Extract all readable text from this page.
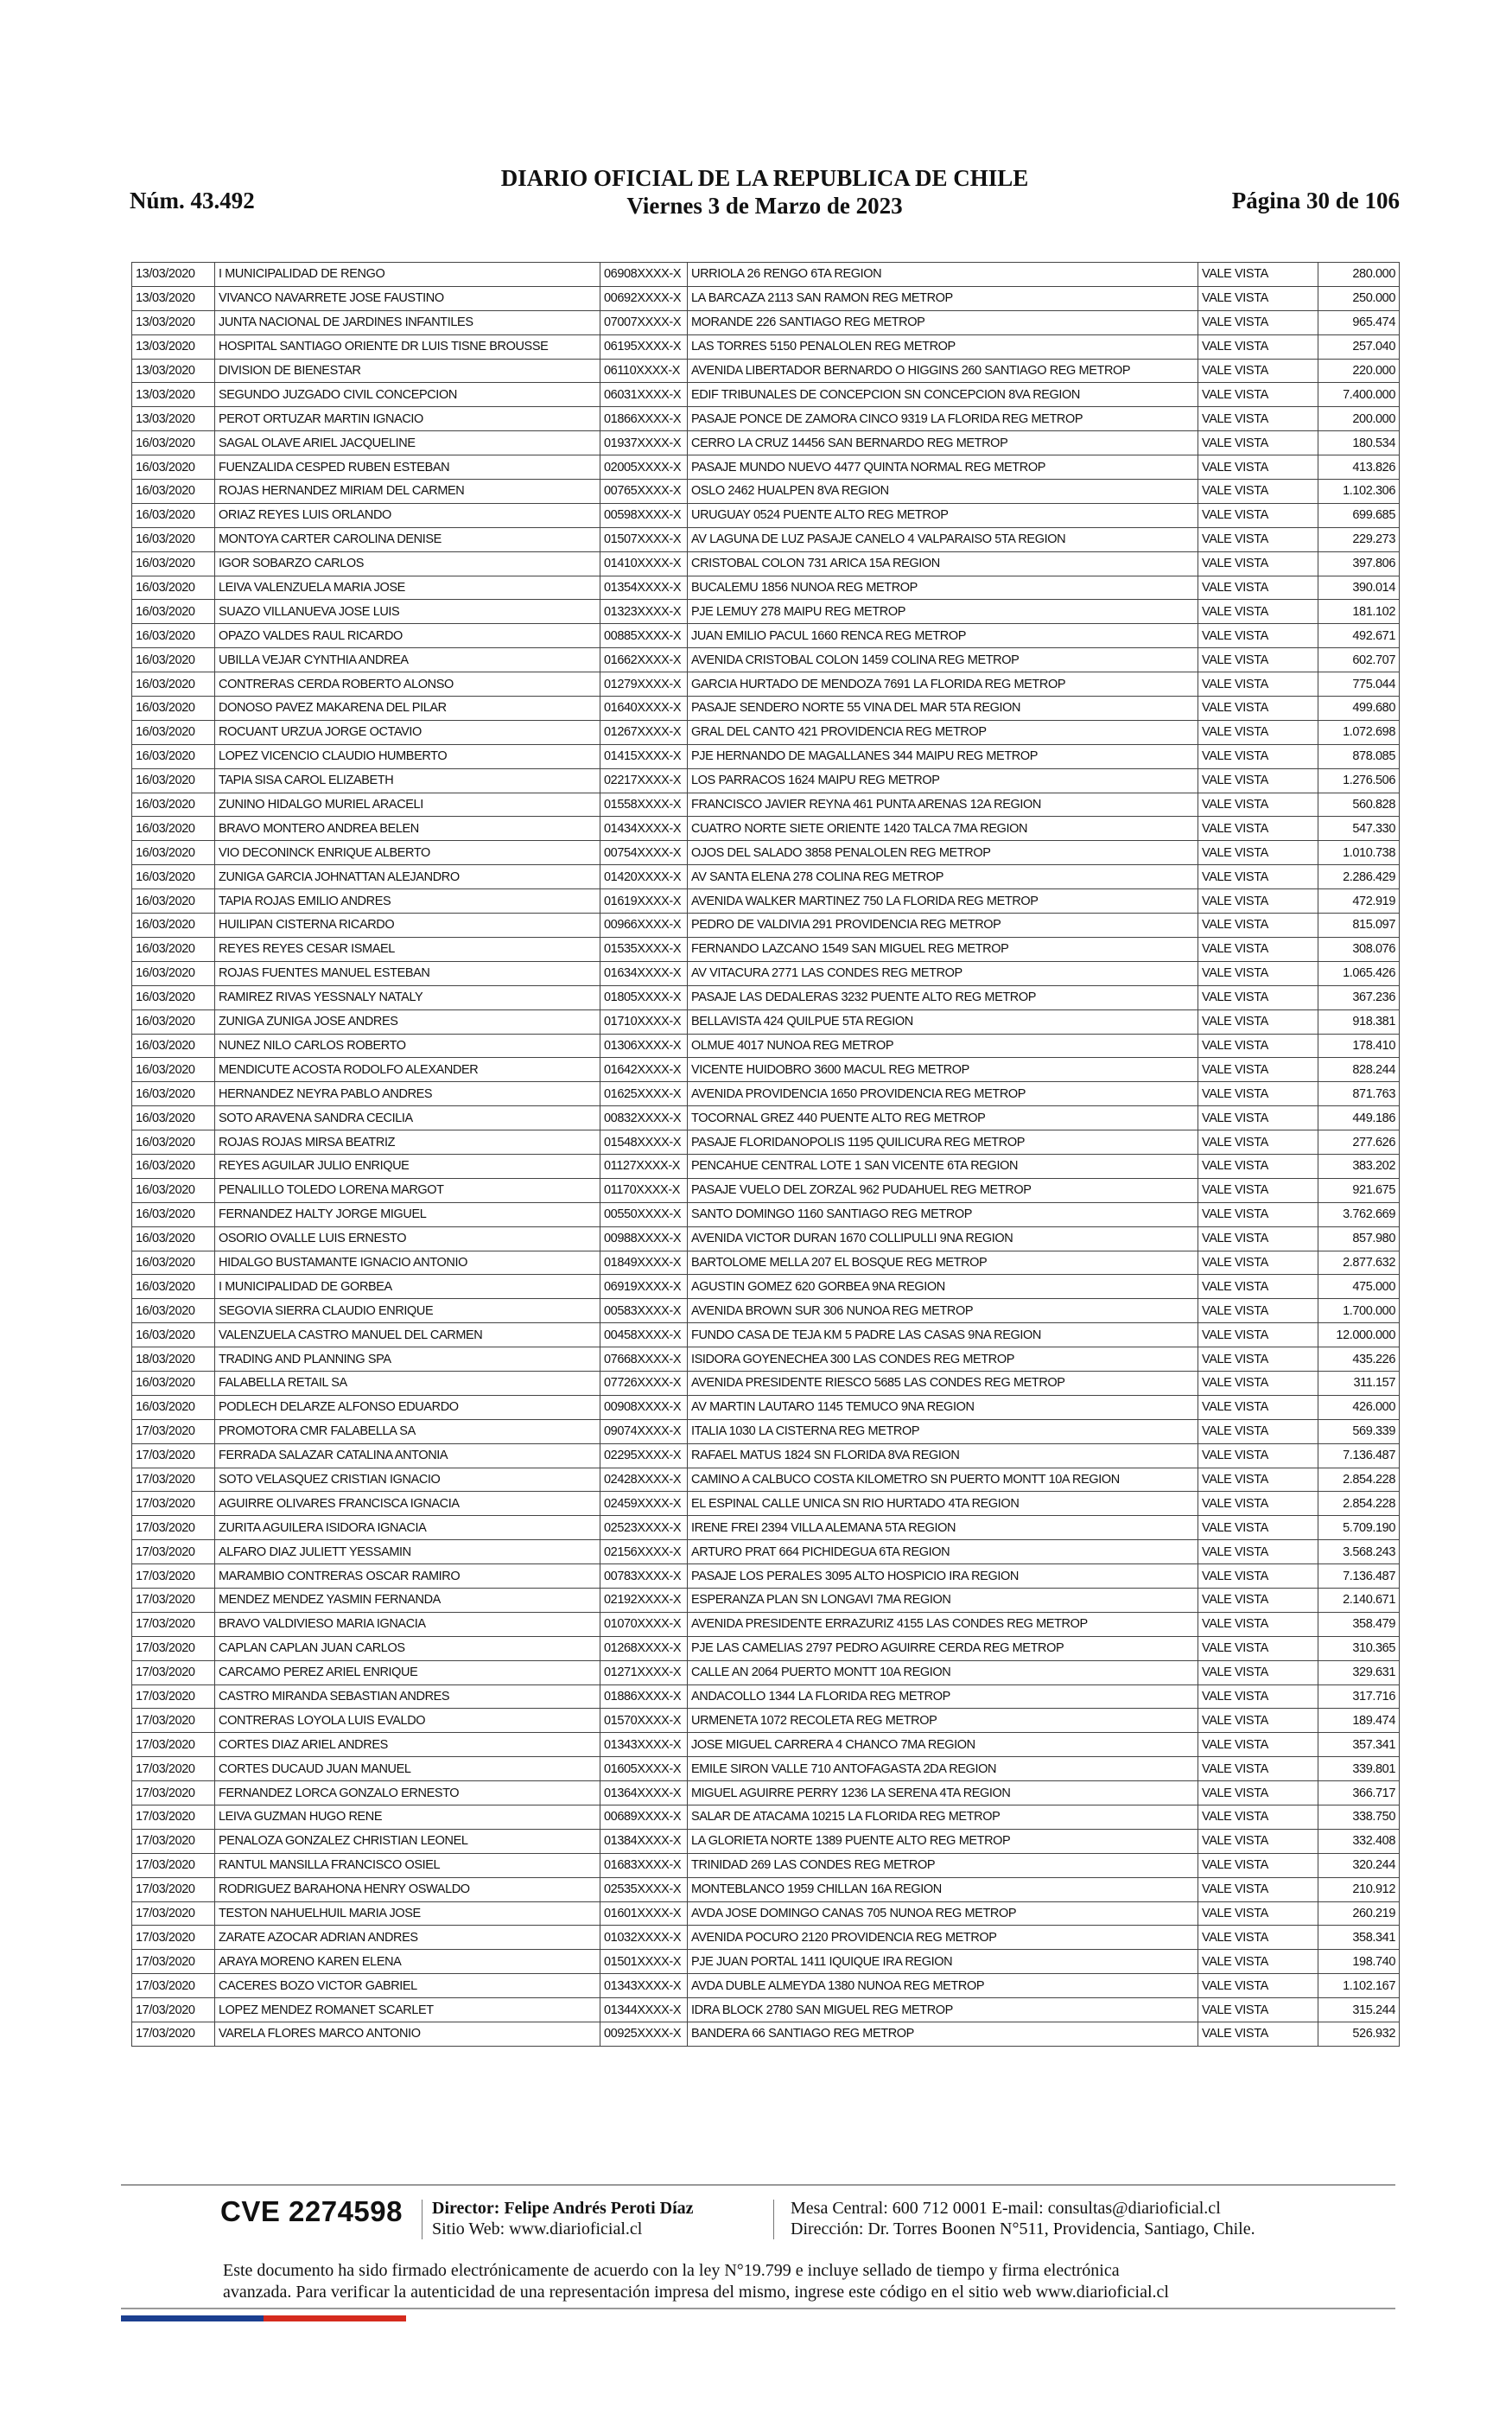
Núm. 43.492
DIARIO OFICIAL DE LA REPUBLICA DE CHILE
Viernes 3 de Marzo de 2023	Página 30 de 106
13/03/2020	I MUNICIPALIDAD DE RENGO	06908XXXX-X	URRIOLA 26 RENGO 6TA REGION	VALE VISTA	280.000
13/03/2020	VIVANCO NAVARRETE JOSE FAUSTINO	00692XXXX-X	LA BARCAZA 2113 SAN RAMON REG METROP	VALE VISTA	250.000
13/03/2020	JUNTA NACIONAL DE JARDINES INFANTILES	07007XXXX-X	MORANDE 226 SANTIAGO REG METROP	VALE VISTA	965.474
13/03/2020	HOSPITAL SANTIAGO ORIENTE DR LUIS TISNE BROUSSE	06195XXXX-X	LAS TORRES 5150 PENALOLEN REG METROP	VALE VISTA	257.040
13/03/2020	DIVISION DE BIENESTAR	06110XXXX-X	AVENIDA LIBERTADOR BERNARDO O HIGGINS 260 SANTIAGO REG METROP	VALE VISTA	220.000
13/03/2020	SEGUNDO JUZGADO CIVIL CONCEPCION	06031XXXX-X	EDIF TRIBUNALES DE CONCEPCION SN CONCEPCION 8VA REGION	VALE VISTA	7.400.000
13/03/2020	PEROT ORTUZAR MARTIN IGNACIO	01866XXXX-X	PASAJE PONCE DE ZAMORA CINCO 9319 LA FLORIDA REG METROP	VALE VISTA	200.000
16/03/2020	SAGAL OLAVE ARIEL JACQUELINE	01937XXXX-X	CERRO LA CRUZ 14456 SAN BERNARDO REG METROP	VALE VISTA	180.534
16/03/2020	FUENZALIDA CESPED RUBEN ESTEBAN	02005XXXX-X	PASAJE MUNDO NUEVO 4477 QUINTA NORMAL REG METROP	VALE VISTA	413.826
16/03/2020	ROJAS HERNANDEZ MIRIAM DEL CARMEN	00765XXXX-X	OSLO 2462 HUALPEN 8VA REGION	VALE VISTA	1.102.306
16/03/2020	ORIAZ REYES LUIS ORLANDO	00598XXXX-X	URUGUAY 0524 PUENTE ALTO REG METROP	VALE VISTA	699.685
16/03/2020	MONTOYA CARTER CAROLINA DENISE	01507XXXX-X	AV LAGUNA DE LUZ PASAJE CANELO 4 VALPARAISO 5TA REGION	VALE VISTA	229.273
16/03/2020	IGOR SOBARZO CARLOS	01410XXXX-X	CRISTOBAL COLON 731 ARICA 15A REGION	VALE VISTA	397.806
16/03/2020	LEIVA VALENZUELA MARIA JOSE	01354XXXX-X	BUCALEMU 1856 NUNOA REG METROP	VALE VISTA	390.014
16/03/2020	SUAZO VILLANUEVA JOSE LUIS	01323XXXX-X	PJE LEMUY 278 MAIPU REG METROP	VALE VISTA	181.102
16/03/2020	OPAZO VALDES RAUL RICARDO	00885XXXX-X	JUAN EMILIO PACUL 1660 RENCA REG METROP	VALE VISTA	492.671
16/03/2020	UBILLA VEJAR CYNTHIA ANDREA	01662XXXX-X	AVENIDA CRISTOBAL COLON 1459 COLINA REG METROP	VALE VISTA	602.707
16/03/2020	CONTRERAS CERDA ROBERTO ALONSO	01279XXXX-X	GARCIA HURTADO DE MENDOZA 7691 LA FLORIDA REG METROP	VALE VISTA	775.044
16/03/2020	DONOSO PAVEZ MAKARENA DEL PILAR	01640XXXX-X	PASAJE SENDERO NORTE 55 VINA DEL MAR 5TA REGION	VALE VISTA	499.680
16/03/2020	ROCUANT URZUA JORGE OCTAVIO	01267XXXX-X	GRAL DEL CANTO 421 PROVIDENCIA REG METROP	VALE VISTA	1.072.698
16/03/2020	LOPEZ VICENCIO CLAUDIO HUMBERTO	01415XXXX-X	PJE HERNANDO DE MAGALLANES 344 MAIPU REG METROP	VALE VISTA	878.085
16/03/2020	TAPIA SISA CAROL ELIZABETH	02217XXXX-X	LOS PARRACOS 1624 MAIPU REG METROP	VALE VISTA	1.276.506
16/03/2020	ZUNINO HIDALGO MURIEL ARACELI	01558XXXX-X	FRANCISCO JAVIER REYNA 461 PUNTA ARENAS 12A REGION	VALE VISTA	560.828
16/03/2020	BRAVO MONTERO ANDREA BELEN	01434XXXX-X	CUATRO NORTE SIETE ORIENTE 1420 TALCA 7MA REGION	VALE VISTA	547.330
16/03/2020	VIO DECONINCK ENRIQUE ALBERTO	00754XXXX-X	OJOS DEL SALADO 3858 PENALOLEN REG METROP	VALE VISTA	1.010.738
16/03/2020	ZUNIGA GARCIA JOHNATTAN ALEJANDRO	01420XXXX-X	AV SANTA ELENA 278 COLINA REG METROP	VALE VISTA	2.286.429
16/03/2020	TAPIA ROJAS EMILIO ANDRES	01619XXXX-X	AVENIDA WALKER MARTINEZ 750 LA FLORIDA REG METROP	VALE VISTA	472.919
16/03/2020	HUILIPAN CISTERNA RICARDO	00966XXXX-X	PEDRO DE VALDIVIA 291 PROVIDENCIA REG METROP	VALE VISTA	815.097
16/03/2020	REYES REYES CESAR ISMAEL	01535XXXX-X	FERNANDO LAZCANO 1549 SAN MIGUEL REG METROP	VALE VISTA	308.076
16/03/2020	ROJAS FUENTES MANUEL ESTEBAN	01634XXXX-X	AV VITACURA 2771 LAS CONDES REG METROP	VALE VISTA	1.065.426
16/03/2020	RAMIREZ RIVAS YESSNALY NATALY	01805XXXX-X	PASAJE LAS DEDALERAS 3232 PUENTE ALTO REG METROP	VALE VISTA	367.236
16/03/2020	ZUNIGA ZUNIGA JOSE ANDRES	01710XXXX-X	BELLAVISTA 424 QUILPUE 5TA REGION	VALE VISTA	918.381
16/03/2020	NUNEZ NILO CARLOS ROBERTO	01306XXXX-X	OLMUE 4017 NUNOA REG METROP	VALE VISTA	178.410
16/03/2020	MENDICUTE ACOSTA RODOLFO ALEXANDER	01642XXXX-X	VICENTE HUIDOBRO 3600 MACUL REG METROP	VALE VISTA	828.244
16/03/2020	HERNANDEZ NEYRA PABLO ANDRES	01625XXXX-X	AVENIDA PROVIDENCIA 1650 PROVIDENCIA REG METROP	VALE VISTA	871.763
16/03/2020	SOTO ARAVENA SANDRA CECILIA	00832XXXX-X	TOCORNAL GREZ 440 PUENTE ALTO REG METROP	VALE VISTA	449.186
16/03/2020	ROJAS ROJAS MIRSA BEATRIZ	01548XXXX-X	PASAJE FLORIDANOPOLIS 1195 QUILICURA REG METROP	VALE VISTA	277.626
16/03/2020	REYES AGUILAR JULIO ENRIQUE	01127XXXX-X	PENCAHUE CENTRAL LOTE 1 SAN VICENTE 6TA REGION	VALE VISTA	383.202
16/03/2020	PENALILLO TOLEDO LORENA MARGOT	01170XXXX-X	PASAJE VUELO DEL ZORZAL 962 PUDAHUEL REG METROP	VALE VISTA	921.675
16/03/2020	FERNANDEZ HALTY JORGE MIGUEL	00550XXXX-X	SANTO DOMINGO 1160 SANTIAGO REG METROP	VALE VISTA	3.762.669
16/03/2020	OSORIO OVALLE LUIS ERNESTO	00988XXXX-X	AVENIDA VICTOR DURAN 1670 COLLIPULLI 9NA REGION	VALE VISTA	857.980
16/03/2020	HIDALGO BUSTAMANTE IGNACIO ANTONIO	01849XXXX-X	BARTOLOME MELLA 207 EL BOSQUE REG METROP	VALE VISTA	2.877.632
16/03/2020	I MUNICIPALIDAD DE GORBEA	06919XXXX-X	AGUSTIN GOMEZ 620 GORBEA 9NA REGION	VALE VISTA	475.000
16/03/2020	SEGOVIA SIERRA CLAUDIO ENRIQUE	00583XXXX-X	AVENIDA BROWN SUR 306 NUNOA REG METROP	VALE VISTA	1.700.000
16/03/2020	VALENZUELA CASTRO MANUEL DEL CARMEN	00458XXXX-X	FUNDO CASA DE TEJA KM 5 PADRE LAS CASAS 9NA REGION	VALE VISTA	12.000.000
18/03/2020	TRADING AND PLANNING SPA	07668XXXX-X	ISIDORA GOYENECHEA 300 LAS CONDES REG METROP	VALE VISTA	435.226
16/03/2020	FALABELLA RETAIL SA	07726XXXX-X	AVENIDA PRESIDENTE RIESCO 5685 LAS CONDES REG METROP	VALE VISTA	311.157
16/03/2020	PODLECH DELARZE ALFONSO EDUARDO	00908XXXX-X	AV MARTIN LAUTARO 1145 TEMUCO 9NA REGION	VALE VISTA	426.000
17/03/2020	PROMOTORA CMR FALABELLA SA	09074XXXX-X	ITALIA 1030 LA CISTERNA REG METROP	VALE VISTA	569.339
17/03/2020	FERRADA SALAZAR CATALINA ANTONIA	02295XXXX-X	RAFAEL MATUS 1824 SN FLORIDA 8VA REGION	VALE VISTA	7.136.487
17/03/2020	SOTO VELASQUEZ CRISTIAN IGNACIO	02428XXXX-X	CAMINO A CALBUCO COSTA KILOMETRO SN PUERTO MONTT 10A REGION	VALE VISTA	2.854.228
17/03/2020	AGUIRRE OLIVARES FRANCISCA IGNACIA	02459XXXX-X	EL ESPINAL CALLE UNICA SN RIO HURTADO 4TA REGION	VALE VISTA	2.854.228
17/03/2020	ZURITA AGUILERA ISIDORA IGNACIA	02523XXXX-X	IRENE FREI 2394 VILLA ALEMANA 5TA REGION	VALE VISTA	5.709.190
17/03/2020	ALFARO DIAZ JULIETT YESSAMIN	02156XXXX-X	ARTURO PRAT 664 PICHIDEGUA 6TA REGION	VALE VISTA	3.568.243
17/03/2020	MARAMBIO CONTRERAS OSCAR RAMIRO	00783XXXX-X	PASAJE LOS PERALES 3095 ALTO HOSPICIO IRA REGION	VALE VISTA	7.136.487
17/03/2020	MENDEZ MENDEZ YASMIN FERNANDA	02192XXXX-X	ESPERANZA PLAN SN LONGAVI 7MA REGION	VALE VISTA	2.140.671
17/03/2020	BRAVO VALDIVIESO MARIA IGNACIA	01070XXXX-X	AVENIDA PRESIDENTE ERRAZURIZ 4155 LAS CONDES REG METROP	VALE VISTA	358.479
17/03/2020	CAPLAN CAPLAN JUAN CARLOS	01268XXXX-X	PJE LAS CAMELIAS 2797 PEDRO AGUIRRE CERDA REG METROP	VALE VISTA	310.365
17/03/2020	CARCAMO PEREZ ARIEL ENRIQUE	01271XXXX-X	CALLE AN 2064 PUERTO MONTT 10A REGION	VALE VISTA	329.631
17/03/2020	CASTRO MIRANDA SEBASTIAN ANDRES	01886XXXX-X	ANDACOLLO 1344 LA FLORIDA REG METROP	VALE VISTA	317.716
17/03/2020	CONTRERAS LOYOLA LUIS EVALDO	01570XXXX-X	URMENETA 1072 RECOLETA REG METROP	VALE VISTA	189.474
17/03/2020	CORTES DIAZ ARIEL ANDRES	01343XXXX-X	JOSE MIGUEL CARRERA 4 CHANCO 7MA REGION	VALE VISTA	357.341
17/03/2020	CORTES DUCAUD JUAN MANUEL	01605XXXX-X	EMILE SIRON VALLE 710 ANTOFAGASTA 2DA REGION	VALE VISTA	339.801
17/03/2020	FERNANDEZ LORCA GONZALO ERNESTO	01364XXXX-X	MIGUEL AGUIRRE PERRY 1236 LA SERENA 4TA REGION	VALE VISTA	366.717
17/03/2020	LEIVA GUZMAN HUGO RENE	00689XXXX-X	SALAR DE ATACAMA 10215 LA FLORIDA REG METROP	VALE VISTA	338.750
17/03/2020	PENALOZA GONZALEZ CHRISTIAN LEONEL	01384XXXX-X	LA GLORIETA NORTE 1389 PUENTE ALTO REG METROP	VALE VISTA	332.408
17/03/2020	RANTUL MANSILLA FRANCISCO OSIEL	01683XXXX-X	TRINIDAD 269 LAS CONDES REG METROP	VALE VISTA	320.244
17/03/2020	RODRIGUEZ BARAHONA HENRY OSWALDO	02535XXXX-X	MONTEBLANCO 1959 CHILLAN 16A REGION	VALE VISTA	210.912
17/03/2020	TESTON NAHUELHUIL MARIA JOSE	01601XXXX-X	AVDA JOSE DOMINGO CANAS 705 NUNOA REG METROP	VALE VISTA	260.219
17/03/2020	ZARATE AZOCAR ADRIAN ANDRES	01032XXXX-X	AVENIDA POCURO 2120 PROVIDENCIA REG METROP	VALE VISTA	358.341
17/03/2020	ARAYA MORENO KAREN ELENA	01501XXXX-X	PJE JUAN PORTAL 1411 IQUIQUE IRA REGION	VALE VISTA	198.740
17/03/2020	CACERES BOZO VICTOR GABRIEL	01343XXXX-X	AVDA DUBLE ALMEYDA 1380 NUNOA REG METROP	VALE VISTA	1.102.167
17/03/2020	LOPEZ MENDEZ ROMANET SCARLET	01344XXXX-X	IDRA BLOCK 2780 SAN MIGUEL REG METROP	VALE VISTA	315.244
17/03/2020	VARELA FLORES MARCO ANTONIO	00925XXXX-X	BANDERA 66 SANTIAGO REG METROP	VALE VISTA	526.932
CVE 2274598 Director: Felipe Andrés Peroti Díaz
Sitio Web: www.diarioficial.cl
Mesa Central: 600 712 0001 E-mail: consultas@diarioficial.cl
Dirección: Dr. Torres Boonen N°511, Providencia, Santiago, Chile.
Este documento ha sido firmado electrónicamente de acuerdo con la ley N°19.799 e incluye sellado de tiempo y firma electrónica
avanzada. Para verificar la autenticidad de una representación impresa del mismo, ingrese este código en el sitio web www.diarioficial.cl
